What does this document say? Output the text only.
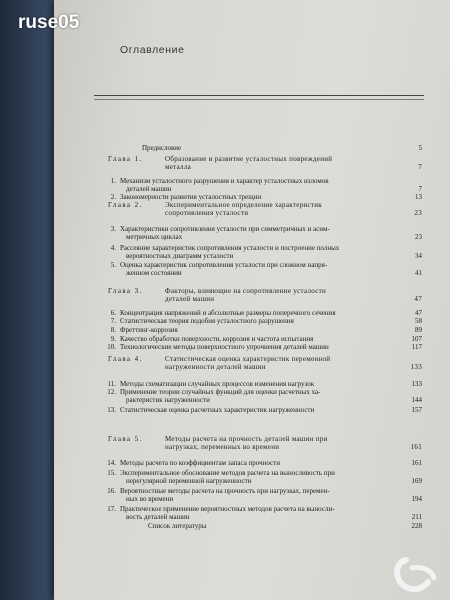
ruse05
Оглавление
Предисловие	5
Глава 1.	Образование и развитие усталостных повреждений
металла	7
1. Механизм усталостного разрушения и характер усталостных изломов
деталей машин	7
2. Закономерности развития усталостных трещин	13
Глава 2.	Экспериментальное определение характеристик
сопротивления усталости	23
3. Характеристики сопротивления усталости при симметричных и асим-
метричных циклах	23
4. Рассеяние характеристик сопротивления усталости и построение полных
вероятностных диаграмм усталости	34
5. Оценка характеристик сопротивления усталости при сложном напря-
женном состоянии	41
Глава 3.	Факторы, влияющие на сопротивление усталости
деталей машин	47
6. Концентрация напряжений и абсолютные размеры поперечного сечения	47
7. Статистическая теория подобия усталостного разрушения	58
8. Фреттинг-коррозия	89
9. Качество обработки поверхности, коррозия и частота испытания	107
10. Технологические методы поверхностного упрочнения деталей машин	117
Глава 4.	Статистическая оценка характеристик переменной
нагруженности деталей машин	133
11. Методы схематизации случайных процессов изменения нагрузок	133
12. Применение теории случайных функций для оценки расчетных ха-
рактеристик нагруженности	144
13. Статистическая оценка расчетных характеристик нагруженности	157
Глава 5.	Методы расчета на прочность деталей машин при
нагрузках, переменных во времени	161
14. Методы расчета по коэффициентам запаса прочности	161
15. Экспериментальное обоснование методов расчета на выносливость при
нерегулярной переменной нагруженности	169
16. Вероятностные методы расчета на прочность при нагрузках, перемен-
ных во времени	194
17. Практическое применение вероятностных методов расчета на выносли-
вость деталей машин	211
Список литературы	228
